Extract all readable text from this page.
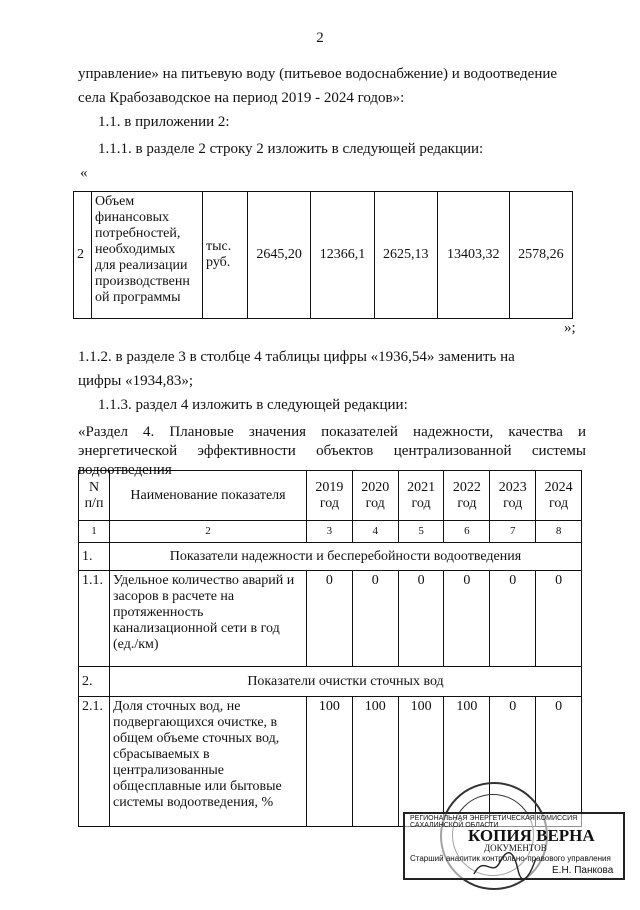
2
управление» на питьевую воду (питьевое водоснабжение) и водоотведение
села Крабозаводское на период 2019 - 2024 годов»:
1.1. в приложении 2:
1.1.1. в разделе 2 строку 2 изложить в следующей редакции:
«
2	Объем финансовых потребностей, необходимых для реализации производственн ой программы	тыс. руб.	2645,20	12366,1	2625,13	13403,32	2578,26
»;
1.1.2. в разделе 3 в столбце 4 таблицы цифры «1936,54» заменить на
цифры «1934,83»;
1.1.3. раздел 4 изложить в следующей редакции:
«Раздел 4. Плановые значения показателей надежности, качества и энергетической эффективности объектов централизованной системы водоотведения
N п/п	Наименование показателя	2019 год	2020 год	2021 год	2022 год	2023 год	2024 год
1	2	3	4	5	6	7	8
1.	Показатели надежности и бесперебойности водоотведения						
1.1.	Удельное количество аварий и засоров в расчете на протяженность канализационной сети в год (ед./км)	0	0	0	0	0	0
2.	Показатели очистки сточных вод						
2.1.	Доля сточных вод, не подвергающихся очистке, в общем объеме сточных вод, сбрасываемых в централизованные общесплавные или бытовые системы водоотведения, %	100	100	100	100	0	0
РЕГИОНАЛЬНАЯ ЭНЕРГЕТИЧЕСКАЯ КОМИССИЯ САХАЛИНСКОЙ ОБЛАСТИ
КОПИЯ ВЕРНА
ДОКУМЕНТОВ
Старший аналитик контрольно-правового управления
Е.Н. Панкова
